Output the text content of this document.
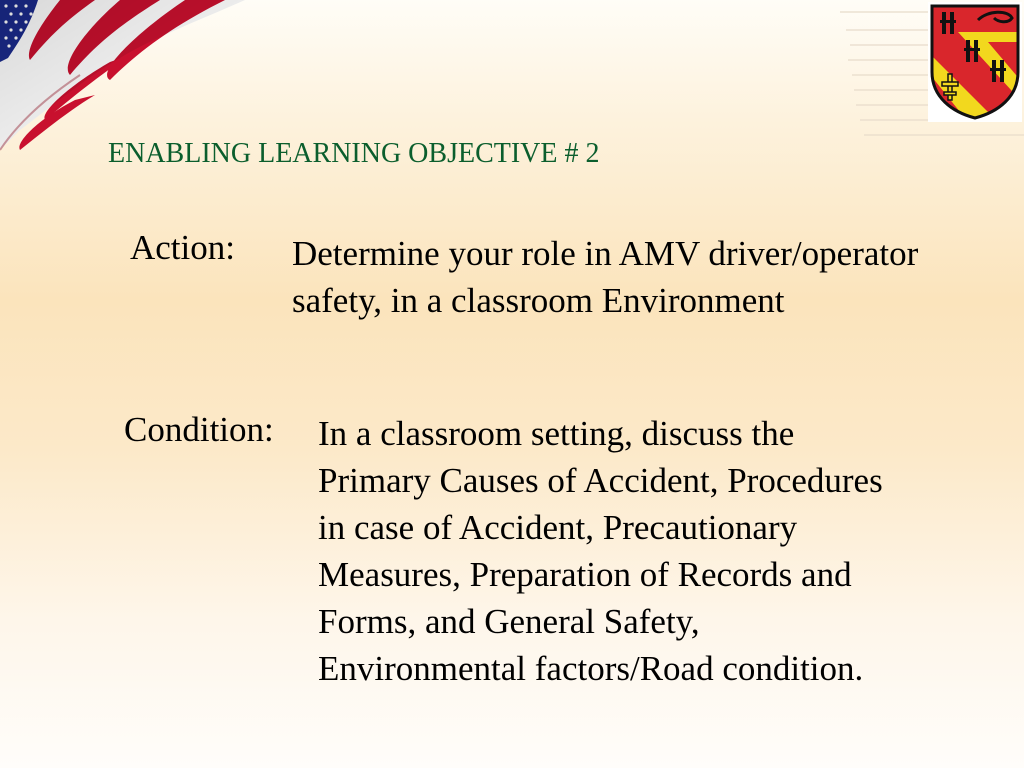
ENABLING LEARNING OBJECTIVE # 2
Action: Determine your role in AMV driver/operator
safety, in a classroom Environment
Condition: In a classroom setting, discuss the
Primary Causes of Accident, Procedures
in case of Accident, Precautionary
Measures, Preparation of Records and
Forms, and General Safety,
Environmental factors/Road condition.
